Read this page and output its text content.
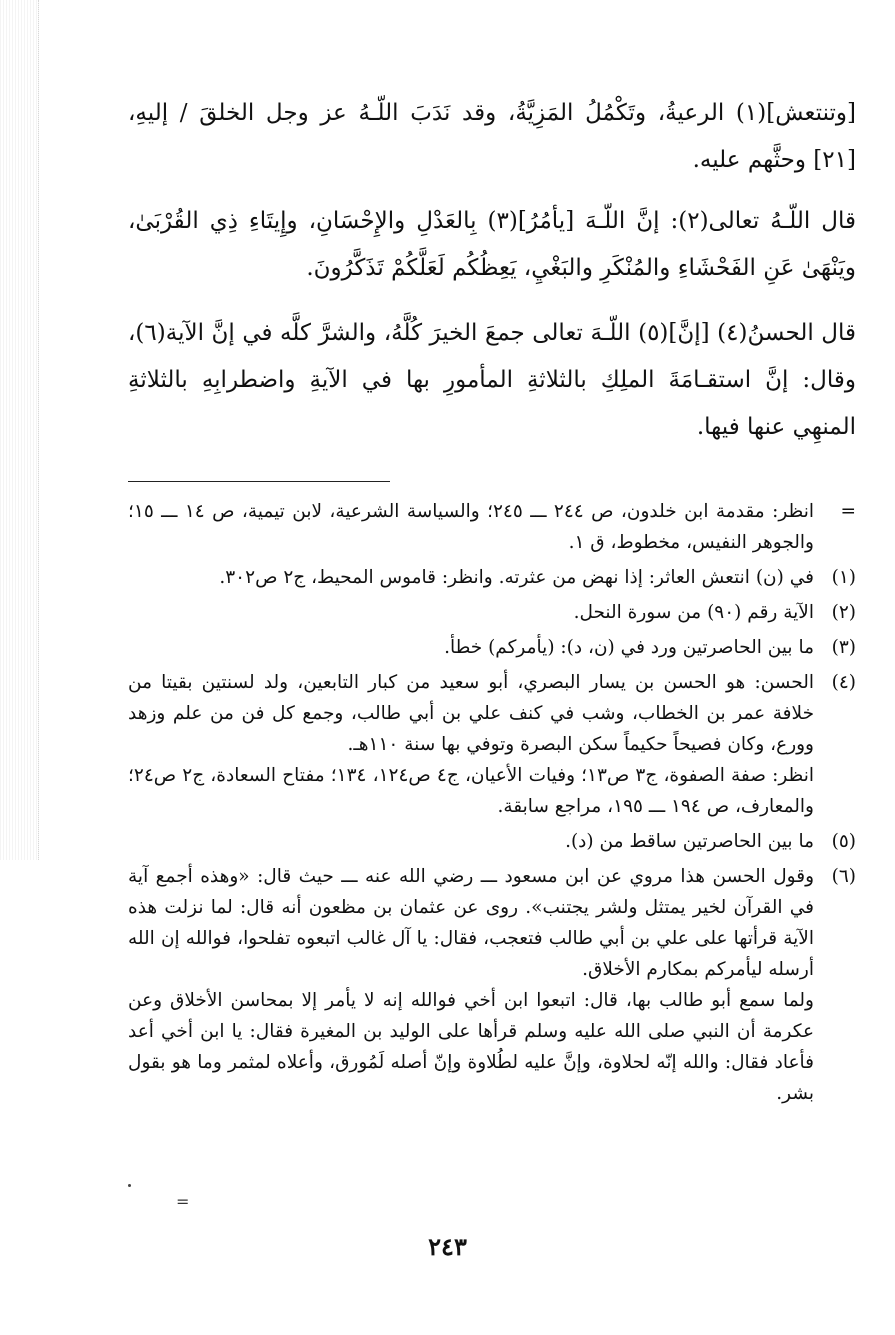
[وتنتعش](١) الرعيةُ، وتَكْمُلُ المَزِيَّةُ، وقد نَدَبَ اللّـهُ عز وجل الخلقَ / إليهِ، [٢١] وحثَّهم عليه.

قال اللّـهُ تعالى(٢): إنَّ اللّـهَ [يأمُرُ](٣) بِالعَدْلِ والإِحْسَانِ، وإِيتَاءِ ذِي القُرْبَىٰ، ويَنْهَىٰ عَنِ الفَحْشَاءِ والمُنْكَرِ والبَغْيِ، يَعِظُكُم لَعَلَّكُمْ تَذَكَّرُونَ.

قال الحسنُ(٤) [إنَّ](٥) اللّـهَ تعالى جمعَ الخيرَ كُلَّهُ، والشرَّ كلَّه في إنَّ الآية(٦)، وقال: إنَّ استقـامَةَ الملِكِ بالثلاثةِ المأمورِ بها في الآيةِ واضطرابِهِ بالثلاثةِ المنهِي عنها فيها.

=
انظر: مقدمة ابن خلدون، ص ٢٤٤ ـــ ٢٤٥؛ والسياسة الشرعية، لابن تيمية، ص ١٤ ـــ ١٥؛ والجوهر النفيس، مخطوط، ق ١.
(١)
في (ن) انتعش العاثر: إذا نهض من عثرته. وانظر: قاموس المحيط، ج٢ ص٣٠٢.
(٢)
الآية رقم (٩٠) من سورة النحل.
(٣)
ما بين الحاصرتين ورد في (ن، د): (يأمركم) خطأ.
(٤)
الحسن: هو الحسن بن يسار البصري، أبو سعيد من كبار التابعين، ولد لسنتين بقيتا من خلافة عمر بن الخطاب، وشب في كنف علي بن أبي طالب، وجمع كل فن من علم وزهد وورع، وكان فصيحاً حكيماً سكن البصرة وتوفي بها سنة ١١٠هـ.

انظر: صفة الصفوة، ج٣ ص١٣؛ وفيات الأعيان، ج٤ ص١٢٤، ١٣٤؛ مفتاح السعادة، ج٢ ص٢٤؛ والمعارف، ص ١٩٤ ـــ ١٩٥، مراجع سابقة.

(٥)
ما بين الحاصرتين ساقط من (د).
(٦)
وقول الحسن هذا مروي عن ابن مسعود ـــ رضي الله عنه ـــ حيث قال: «وهذه أجمع آية في القرآن لخير يمتثل ولشر يجتنب». روى عن عثمان بن مظعون أنه قال: لما نزلت هذه الآية قرأتها على علي بن أبي طالب فتعجب، فقال: يا آل غالب اتبعوه تفلحوا، فوالله إن الله أرسله ليأمركم بمكارم الأخلاق.

ولما سمع أبو طالب بها، قال: اتبعوا ابن أخي فوالله إنه لا يأمر إلا بمحاسن الأخلاق وعن عكرمة أن النبي صلى الله عليه وسلم قرأها على الوليد بن المغيرة فقال: يا ابن أخي أعد فأعاد فقال: والله إنّه لحلاوة، وإنَّ عليه لطُلاوة وإنّ أصله لَمُورق، وأعلاه لمثمر وما هو بقول بشر.

=
٢٤٣
